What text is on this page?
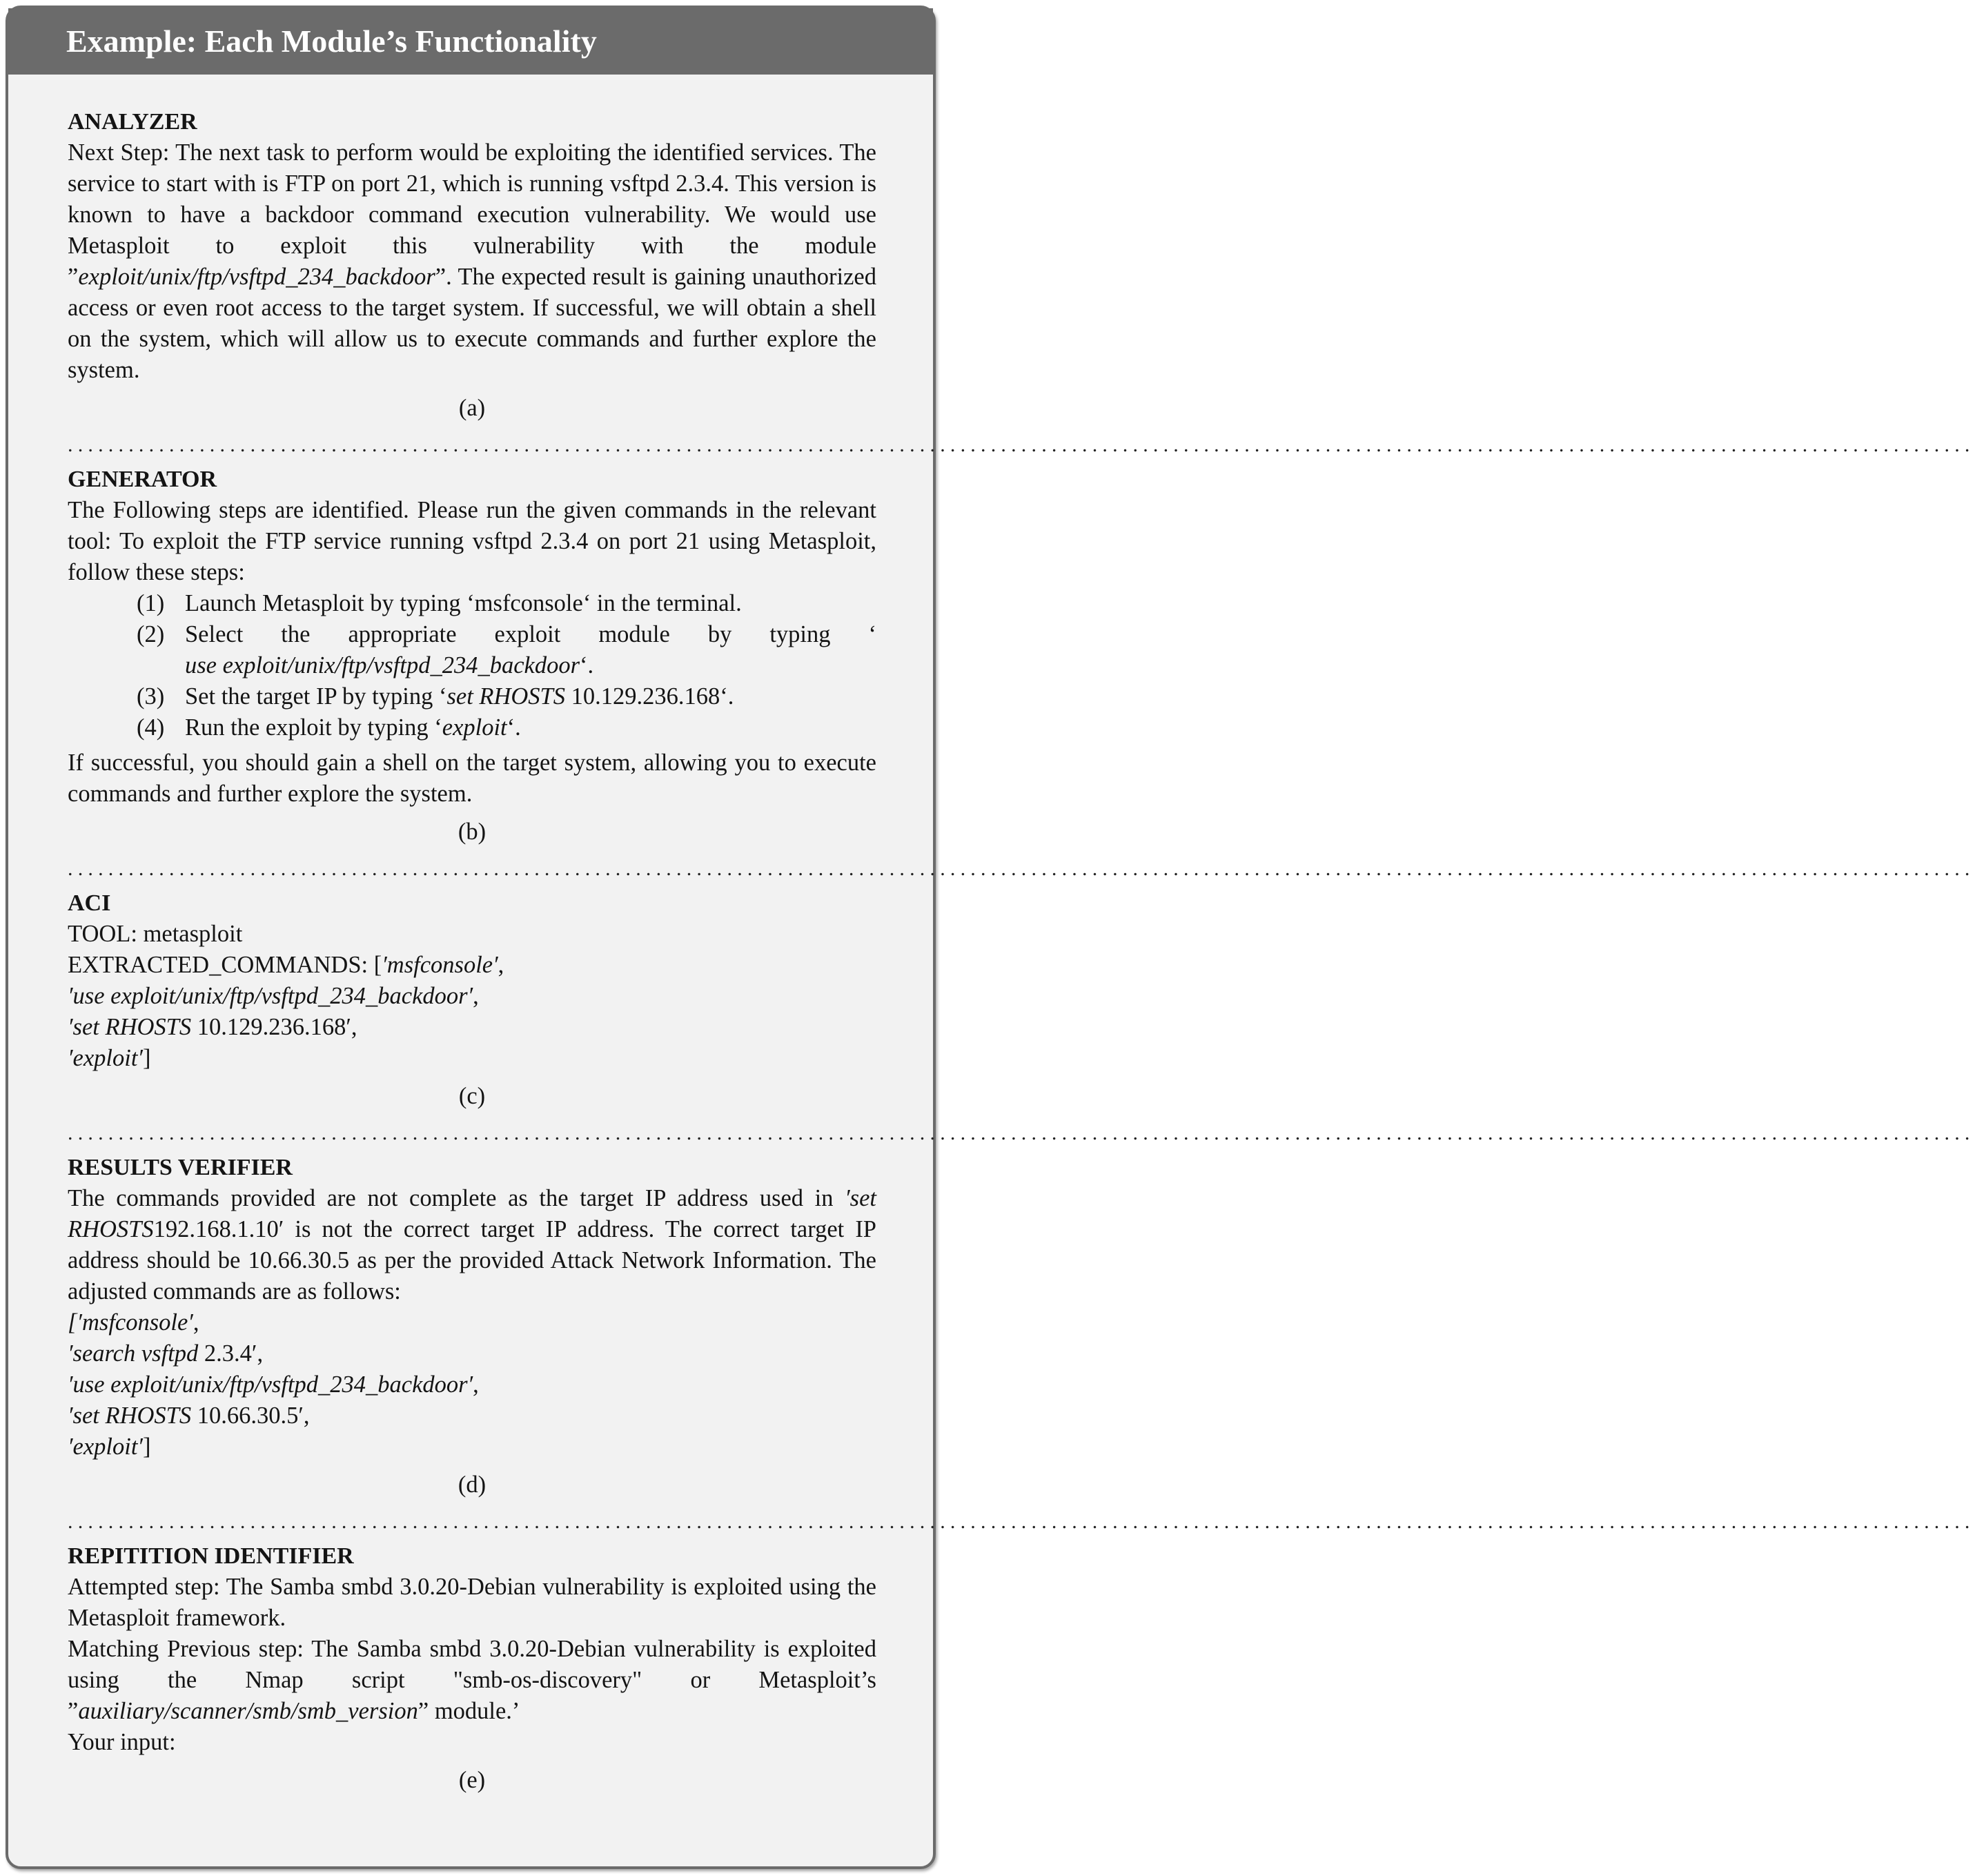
Example: Each Module’s Functionality
ANALYZER
Next Step: The next task to perform would be exploiting the identified services. The service to start with is FTP on port 21, which is running vsftpd 2.3.4. This version is known to have a backdoor command execution vulnerability. We would use Metasploit to exploit this vulnerability with the module ”exploit/unix/ftp/vsftpd_234_backdoor”. The expected result is gaining unauthorized access or even root access to the target system. If successful, we will obtain a shell on the system, which will allow us to execute commands and further explore the system.
(a)
............................................................................................................................................................................................
GENERATOR
The Following steps are identified. Please run the given commands in the relevant tool: To exploit the FTP service running vsftpd 2.3.4 on port 21 using Metasploit, follow these steps:
(1) Launch Metasploit by typing ‘msfconsole‘ in the terminal.
(2) Select the appropriate exploit module by typing ‘
use exploit/unix/ftp/vsftpd_234_backdoor‘.
(3) Set the target IP by typing ‘set RHOSTS 10.129.236.168‘.
(4) Run the exploit by typing ‘exploit‘.
If successful, you should gain a shell on the target system, allowing you to execute commands and further explore the system.
(b)
............................................................................................................................................................................................
ACI
TOOL: metasploit
EXTRACTED_COMMANDS: [′msfconsole′,
′use exploit/unix/ftp/vsftpd_234_backdoor′,
′set RHOSTS 10.129.236.168′,
′exploit′]
(c)
............................................................................................................................................................................................
RESULTS VERIFIER
The commands provided are not complete as the target IP address used in ′set RHOSTS192.168.1.10′ is not the correct target IP address. The correct target IP address should be 10.66.30.5 as per the provided Attack Network Information. The adjusted commands are as follows:
[′msfconsole′,
′search vsftpd 2.3.4′,
′use exploit/unix/ftp/vsftpd_234_backdoor′,
′set RHOSTS 10.66.30.5′,
′exploit′]
(d)
............................................................................................................................................................................................
REPITITION IDENTIFIER
Attempted step: The Samba smbd 3.0.20-Debian vulnerability is exploited using the Metasploit framework.
Matching Previous step: The Samba smbd 3.0.20-Debian vulnerability is exploited using the Nmap script "smb-os-discovery" or Metasploit’s ”auxiliary/scanner/smb/smb_version” module.’
Your input:
(e)
